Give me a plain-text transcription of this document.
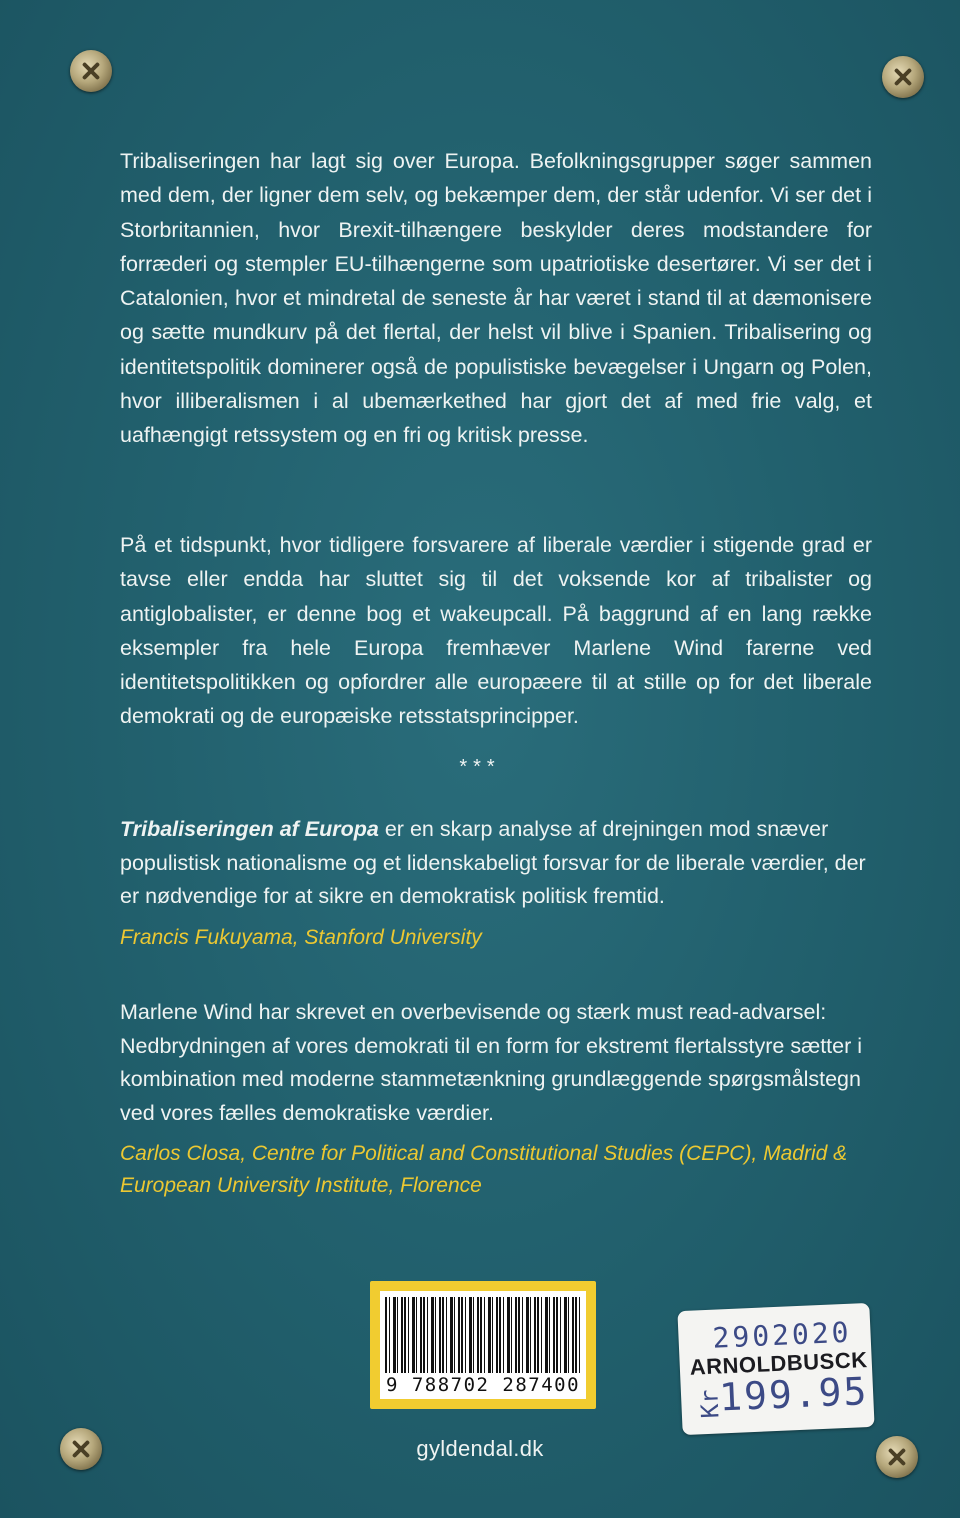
Tribaliseringen har lagt sig over Europa. Befolkningsgrupper søger sammen med dem, der ligner dem selv, og bekæmper dem, der står udenfor. Vi ser det i Storbritannien, hvor Brexit-tilhængere beskylder deres modstandere for forræderi og stempler EU-tilhængerne som upatriotiske desertører. Vi ser det i Catalonien, hvor et mindretal de seneste år har været i stand til at dæmonisere og sætte mundkurv på det flertal, der helst vil blive i Spanien. Tribalisering og identitetspolitik dominerer også de populistiske bevægelser i Ungarn og Polen, hvor illiberalismen i al ubemærkethed har gjort det af med frie valg, et uafhængigt retssystem og en fri og kritisk presse.
På et tidspunkt, hvor tidligere forsvarere af liberale værdier i stigende grad er tavse eller endda har sluttet sig til det voksende kor af tribalister og antiglobalister, er denne bog et wakeupcall. På baggrund af en lang række eksempler fra hele Europa fremhæver Marlene Wind farerne ved identitetspolitikken og opfordrer alle europæere til at stille op for det liberale demokrati og de europæiske retsstatsprincipper.
***
Tribaliseringen af Europa er en skarp analyse af drejningen mod snæver populistisk nationalisme og et lidenskabeligt forsvar for de liberale værdier, der er nødvendige for at sikre en demokratisk politisk fremtid.
Francis Fukuyama, Stanford University
Marlene Wind har skrevet en overbevisende og stærk must read-advarsel: Nedbrydningen af vores demokrati til en form for ekstremt flertalsstyre sætter i kombination med moderne stammetænkning grundlæggende spørgsmålstegn ved vores fælles demokratiske værdier.
Carlos Closa, Centre for Political and Constitutional Studies (CEPC), Madrid & European University Institute, Florence
9 788702 287400
2902020
ARNOLDBUSCK
Kr
199.95
gyldendal.dk
